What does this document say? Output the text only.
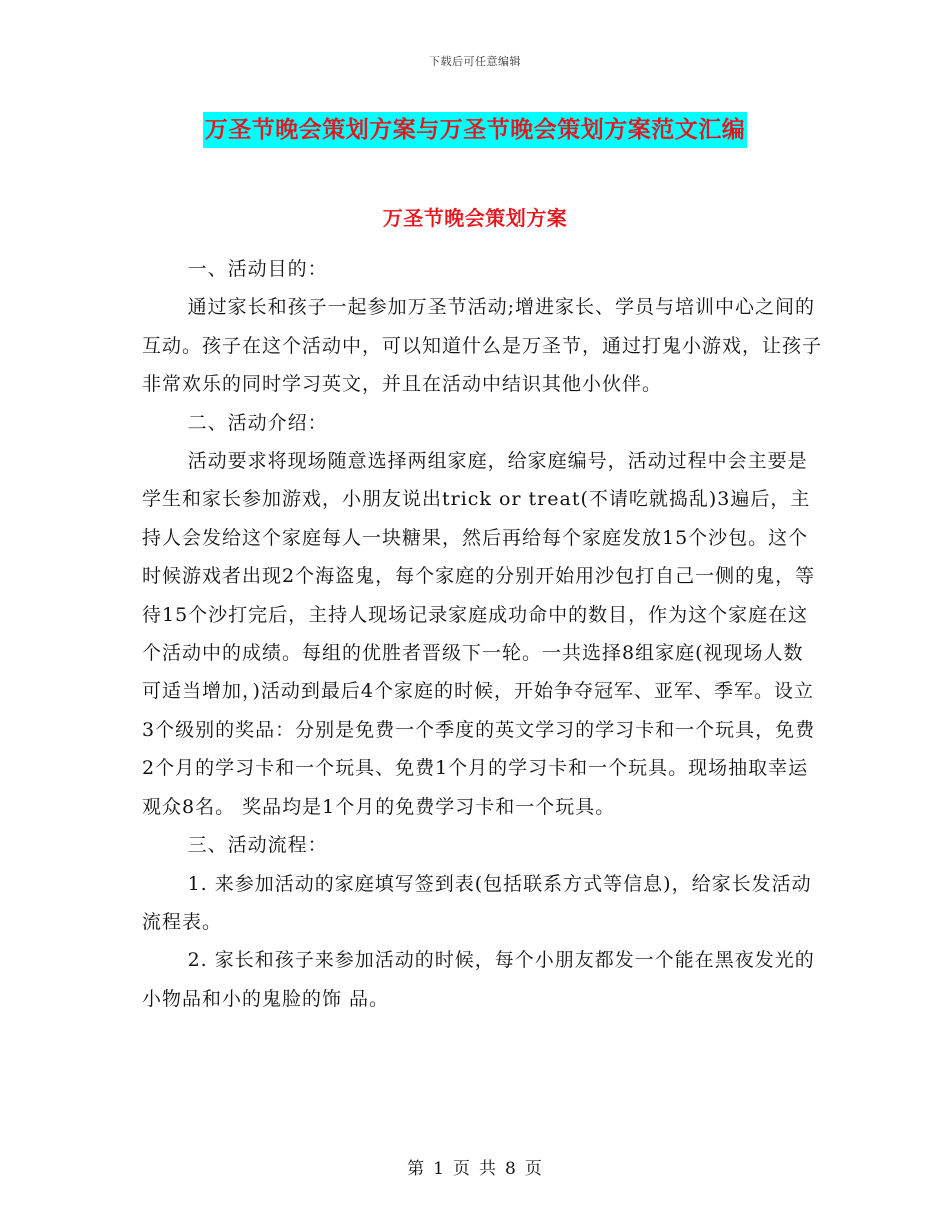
下载后可任意编辑
万圣节晚会策划方案与万圣节晚会策划方案范文汇编
万圣节晚会策划方案

一、活动目的：

通过家长和孩子一起参加万圣节活动;增进家长、学员与培训中心之间的互动。孩子在这个活动中，可以知道什么是万圣节，通过打鬼小游戏，让孩子非常欢乐的同时学习英文，并且在活动中结识其他小伙伴。

二、活动介绍：

活动要求将现场随意选择两组家庭，给家庭编号，活动过程中会主要是学生和家长参加游戏，小朋友说出trick or treat(不请吃就捣乱)3遍后，主持人会发给这个家庭每人一块糖果，然后再给每个家庭发放15个沙包。这个时候游戏者出现2个海盗鬼，每个家庭的分别开始用沙包打自己一侧的鬼，等待15个沙打完后，主持人现场记录家庭成功命中的数目，作为这个家庭在这个活动中的成绩。每组的优胜者晋级下一轮。一共选择8组家庭(视现场人数可适当增加，)活动到最后4个家庭的时候，开始争夺冠军、亚军、季军。设立3个级别的奖品：分别是免费一个季度的英文学习的学习卡和一个玩具，免费2个月的学习卡和一个玩具、免费1个月的学习卡和一个玩具。现场抽取幸运观众8名。 奖品均是1个月的免费学习卡和一个玩具。

三、活动流程：

1. 来参加活动的家庭填写签到表(包括联系方式等信息)，给家长发活动流程表。

2. 家长和孩子来参加活动的时候，每个小朋友都发一个能在黑夜发光的小物品和小的鬼脸的饰 品。

第 1 页 共 8 页
